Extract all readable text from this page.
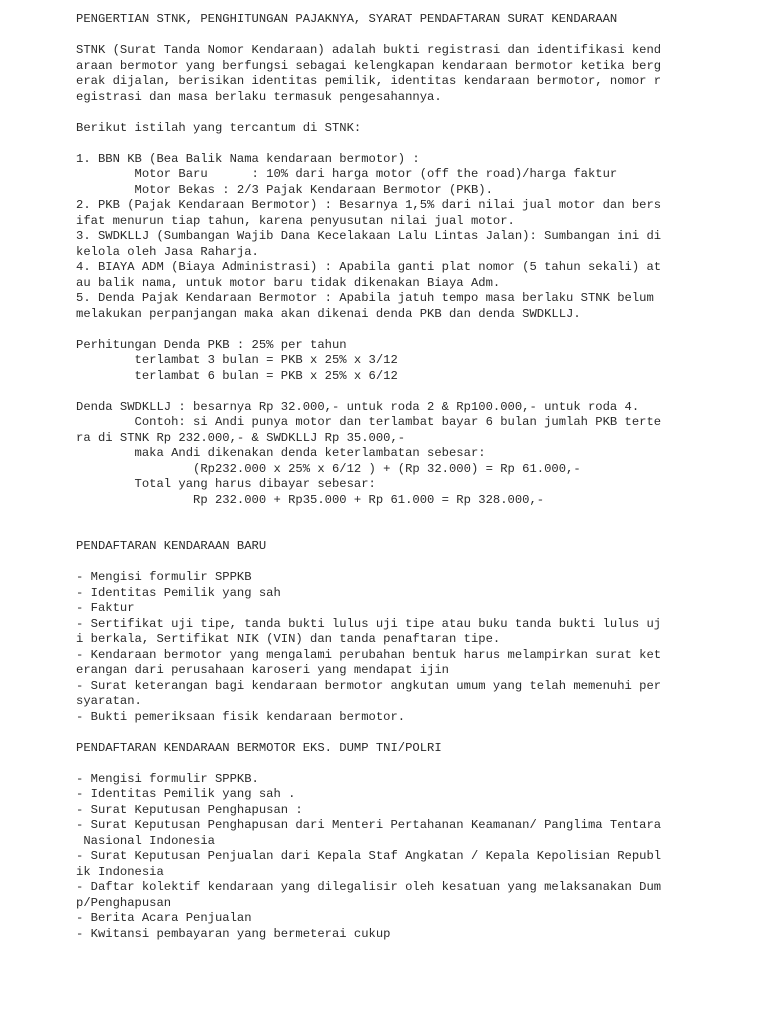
PENGERTIAN STNK, PENGHITUNGAN PAJAKNYA, SYARAT PENDAFTARAN SURAT KENDARAAN
STNK (Surat Tanda Nomor Kendaraan) adalah bukti registrasi dan identifikasi kend
araan bermotor yang berfungsi sebagai kelengkapan kendaraan bermotor ketika berg
erak dijalan, berisikan identitas pemilik, identitas kendaraan bermotor, nomor r
egistrasi dan masa berlaku termasuk pengesahannya.
Berikut istilah yang tercantum di STNK:
1. BBN KB (Bea Balik Nama kendaraan bermotor) :
Motor Baru      : 10% dari harga motor (off the road)/harga faktur
Motor Bekas : 2/3 Pajak Kendaraan Bermotor (PKB).
2. PKB (Pajak Kendaraan Bermotor) : Besarnya 1,5% dari nilai jual motor dan bers
ifat menurun tiap tahun, karena penyusutan nilai jual motor.
3. SWDKLLJ (Sumbangan Wajib Dana Kecelakaan Lalu Lintas Jalan): Sumbangan ini di
kelola oleh Jasa Raharja.
4. BIAYA ADM (Biaya Administrasi) : Apabila ganti plat nomor (5 tahun sekali) at
au balik nama, untuk motor baru tidak dikenakan Biaya Adm.
5. Denda Pajak Kendaraan Bermotor : Apabila jatuh tempo masa berlaku STNK belum
melakukan perpanjangan maka akan dikenai denda PKB dan denda SWDKLLJ.
Perhitungan Denda PKB : 25% per tahun
terlambat 3 bulan = PKB x 25% x 3/12
terlambat 6 bulan = PKB x 25% x 6/12
Denda SWDKLLJ : besarnya Rp 32.000,- untuk roda 2 & Rp100.000,- untuk roda 4.
Contoh: si Andi punya motor dan terlambat bayar 6 bulan jumlah PKB terte
ra di STNK Rp 232.000,- & SWDKLLJ Rp 35.000,-
maka Andi dikenakan denda keterlambatan sebesar:
(Rp232.000 x 25% x 6/12 ) + (Rp 32.000) = Rp 61.000,-
Total yang harus dibayar sebesar:
Rp 232.000 + Rp35.000 + Rp 61.000 = Rp 328.000,-
PENDAFTARAN KENDARAAN BARU
- Mengisi formulir SPPKB
- Identitas Pemilik yang sah
- Faktur
- Sertifikat uji tipe, tanda bukti lulus uji tipe atau buku tanda bukti lulus uj
i berkala, Sertifikat NIK (VIN) dan tanda penaftaran tipe.
- Kendaraan bermotor yang mengalami perubahan bentuk harus melampirkan surat ket
erangan dari perusahaan karoseri yang mendapat ijin
- Surat keterangan bagi kendaraan bermotor angkutan umum yang telah memenuhi per
syaratan.
- Bukti pemeriksaan fisik kendaraan bermotor.
PENDAFTARAN KENDARAAN BERMOTOR EKS. DUMP TNI/POLRI
- Mengisi formulir SPPKB.
- Identitas Pemilik yang sah .
- Surat Keputusan Penghapusan :
- Surat Keputusan Penghapusan dari Menteri Pertahanan Keamanan/ Panglima Tentara
Nasional Indonesia
- Surat Keputusan Penjualan dari Kepala Staf Angkatan / Kepala Kepolisian Republ
ik Indonesia
- Daftar kolektif kendaraan yang dilegalisir oleh kesatuan yang melaksanakan Dum
p/Penghapusan
- Berita Acara Penjualan
- Kwitansi pembayaran yang bermeterai cukup
